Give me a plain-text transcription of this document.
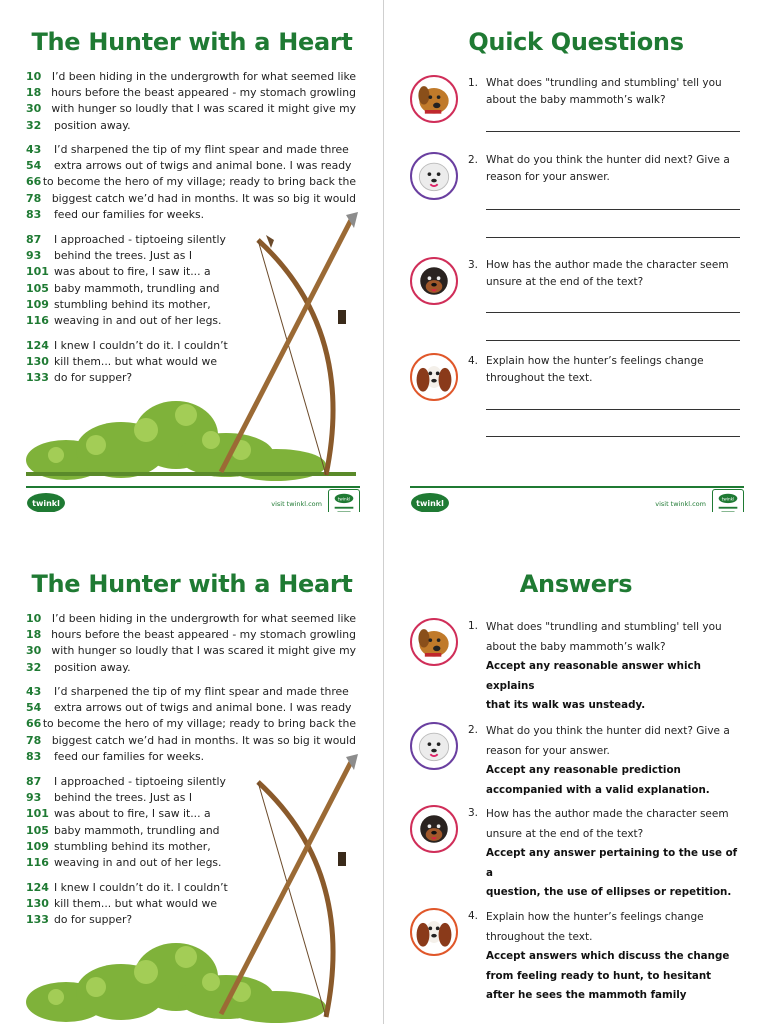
The Hunter with a Heart
10 I’d been hiding in the undergrowth for what seemed like
18 hours before the beast appeared - my stomach growling
30 with hunger so loudly that I was scared it might give my
32	position away.
43	I’d sharpened the tip of my flint spear and made three
54	extra arrows out of twigs and animal bone. I was ready
66 to become the hero of my village; ready to bring back the
78 biggest catch we’d had in months. It was so big it would
83	feed our families for weeks.
87	I approached - tiptoeing silently
93	behind the trees. Just as I
101 was about to fire, I saw it... a
105 baby mammoth, trundling and
109 stumbling behind its mother,
116 weaving in and out of her legs.
124 I knew I couldn’t do it. I couldn’t
130 kill them... but what would we
133 do for supper?
twinkl	visit twinkl.com
twinkl
Quick Questions
1. What does "trundling and stumbling' tell you
about the baby mammoth’s walk?
2. What do you think the hunter did next? Give a
reason for your answer.
3. How has the author made the character seem
unsure at the end of the text?
4. Explain how the hunter’s feelings change
throughout the text.
twinkl	visit twinkl.com
twinkl
The Hunter with a Heart
10 I’d been hiding in the undergrowth for what seemed like
18 hours before the beast appeared - my stomach growling
30 with hunger so loudly that I was scared it might give my
32	position away.
43	I’d sharpened the tip of my flint spear and made three
54	extra arrows out of twigs and animal bone. I was ready
66 to become the hero of my village; ready to bring back the
78 biggest catch we’d had in months. It was so big it would
83	feed our families for weeks.
87	I approached - tiptoeing silently
93	behind the trees. Just as I
101 was about to fire, I saw it... a
105 baby mammoth, trundling and
109 stumbling behind its mother,
116 weaving in and out of her legs.
124 I knew I couldn’t do it. I couldn’t
130 kill them... but what would we
133 do for supper?
Answers
1. What does "trundling and stumbling' tell you
about the baby mammoth’s walk?
Accept any reasonable answer which explains
that its walk was unsteady.
2. What do you think the hunter did next? Give a
reason for your answer.
Accept any reasonable prediction
accompanied with a valid explanation.
3. How has the author made the character seem
unsure at the end of the text?
Accept any answer pertaining to the use of a
question, the use of ellipses or repetition.
4. Explain how the hunter’s feelings change
throughout the text.
Accept answers which discuss the change
from feeling ready to hunt, to hesitant
after he sees the mammoth family
